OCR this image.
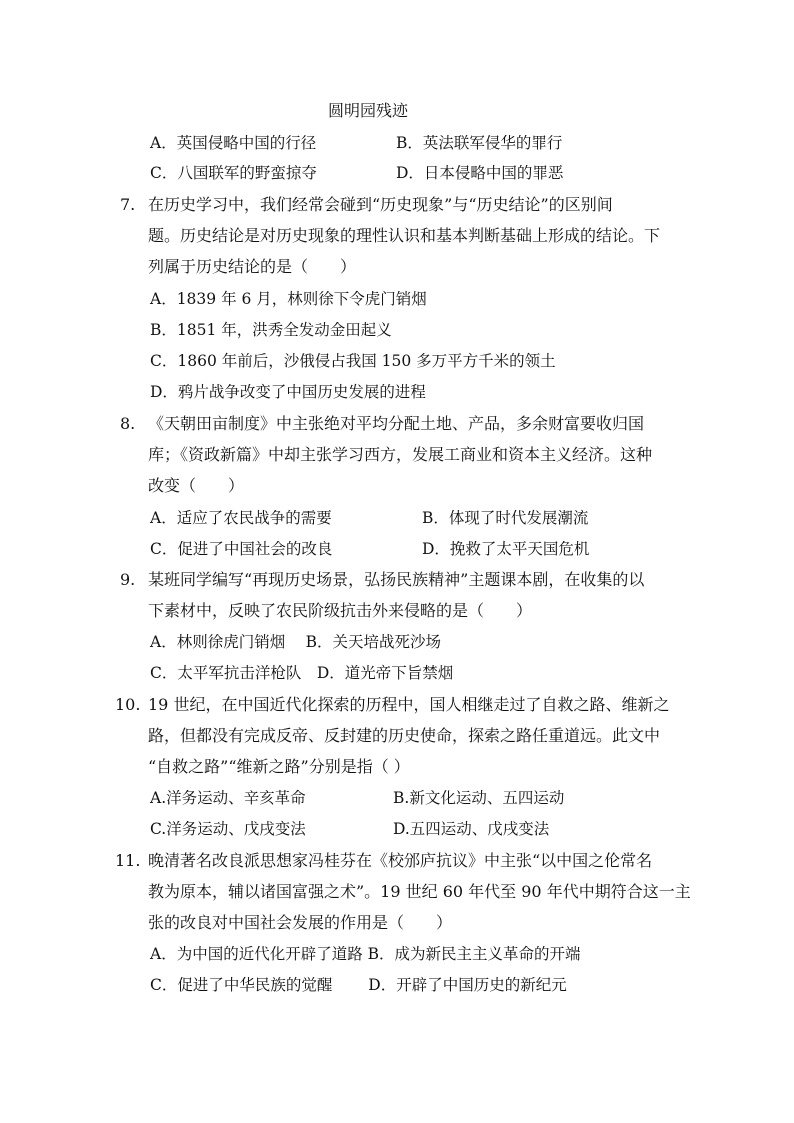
圆明园残迹
A．英国侵略中国的行径	B．英法联军侵华的罪行
C．八国联军的野蛮掠夺	D．日本侵略中国的罪恶
7. 在历史学习中，我们经常会碰到“历史现象”与“历史结论”的区别间
题。历史结论是对历史现象的理性认识和基本判断基础上形成的结论。下
列属于历史结论的是（　　）
A．1839 年 6 月，林则徐下令虎门销烟
B．1851 年，洪秀全发动金田起义
C．1860 年前后，沙俄侵占我国 150 多万平方千米的领土
D．鸦片战争改变了中国历史发展的进程
8. 《天朝田亩制度》中主张绝对平均分配土地、产品，多余财富要收归国
库；《资政新篇》中却主张学习西方，发展工商业和资本主义经济。这种
改变（　　）
A．适应了农民战争的需要	B．体现了时代发展潮流
C．促进了中国社会的改良	D．挽救了太平天国危机
9. 某班同学编写“再现历史场景，弘扬民族精神”主题课本剧，在收集的以
下素材中，反映了农民阶级抗击外来侵略的是（　　）
A．林则徐虎门销烟　 B．关天培战死沙场
C．太平军抗击洋枪队　D．道光帝下旨禁烟
10. 19 世纪，在中国近代化探索的历程中，国人相继走过了自救之路、维新之
路，但都没有完成反帝、反封建的历史使命，探索之路任重道远。此文中
“自救之路”“维新之路”分别是指（ ）
A.洋务运动、辛亥革命	B.新文化运动、五四运动
C.洋务运动、戊戌变法	D.五四运动、戊戌变法
11. 晚清著名改良派思想家冯桂芬在《校邠庐抗议》中主张“以中国之伦常名
教为原本，辅以诸国富强之术”。19 世纪 60 年代至 90 年代中期符合这一主
张的改良对中国社会发展的作用是（　　）
A．为中国的近代化开辟了道路 B．成为新民主主义革命的开端
C．促进了中华民族的觉醒　　 D．开辟了中国历史的新纪元
